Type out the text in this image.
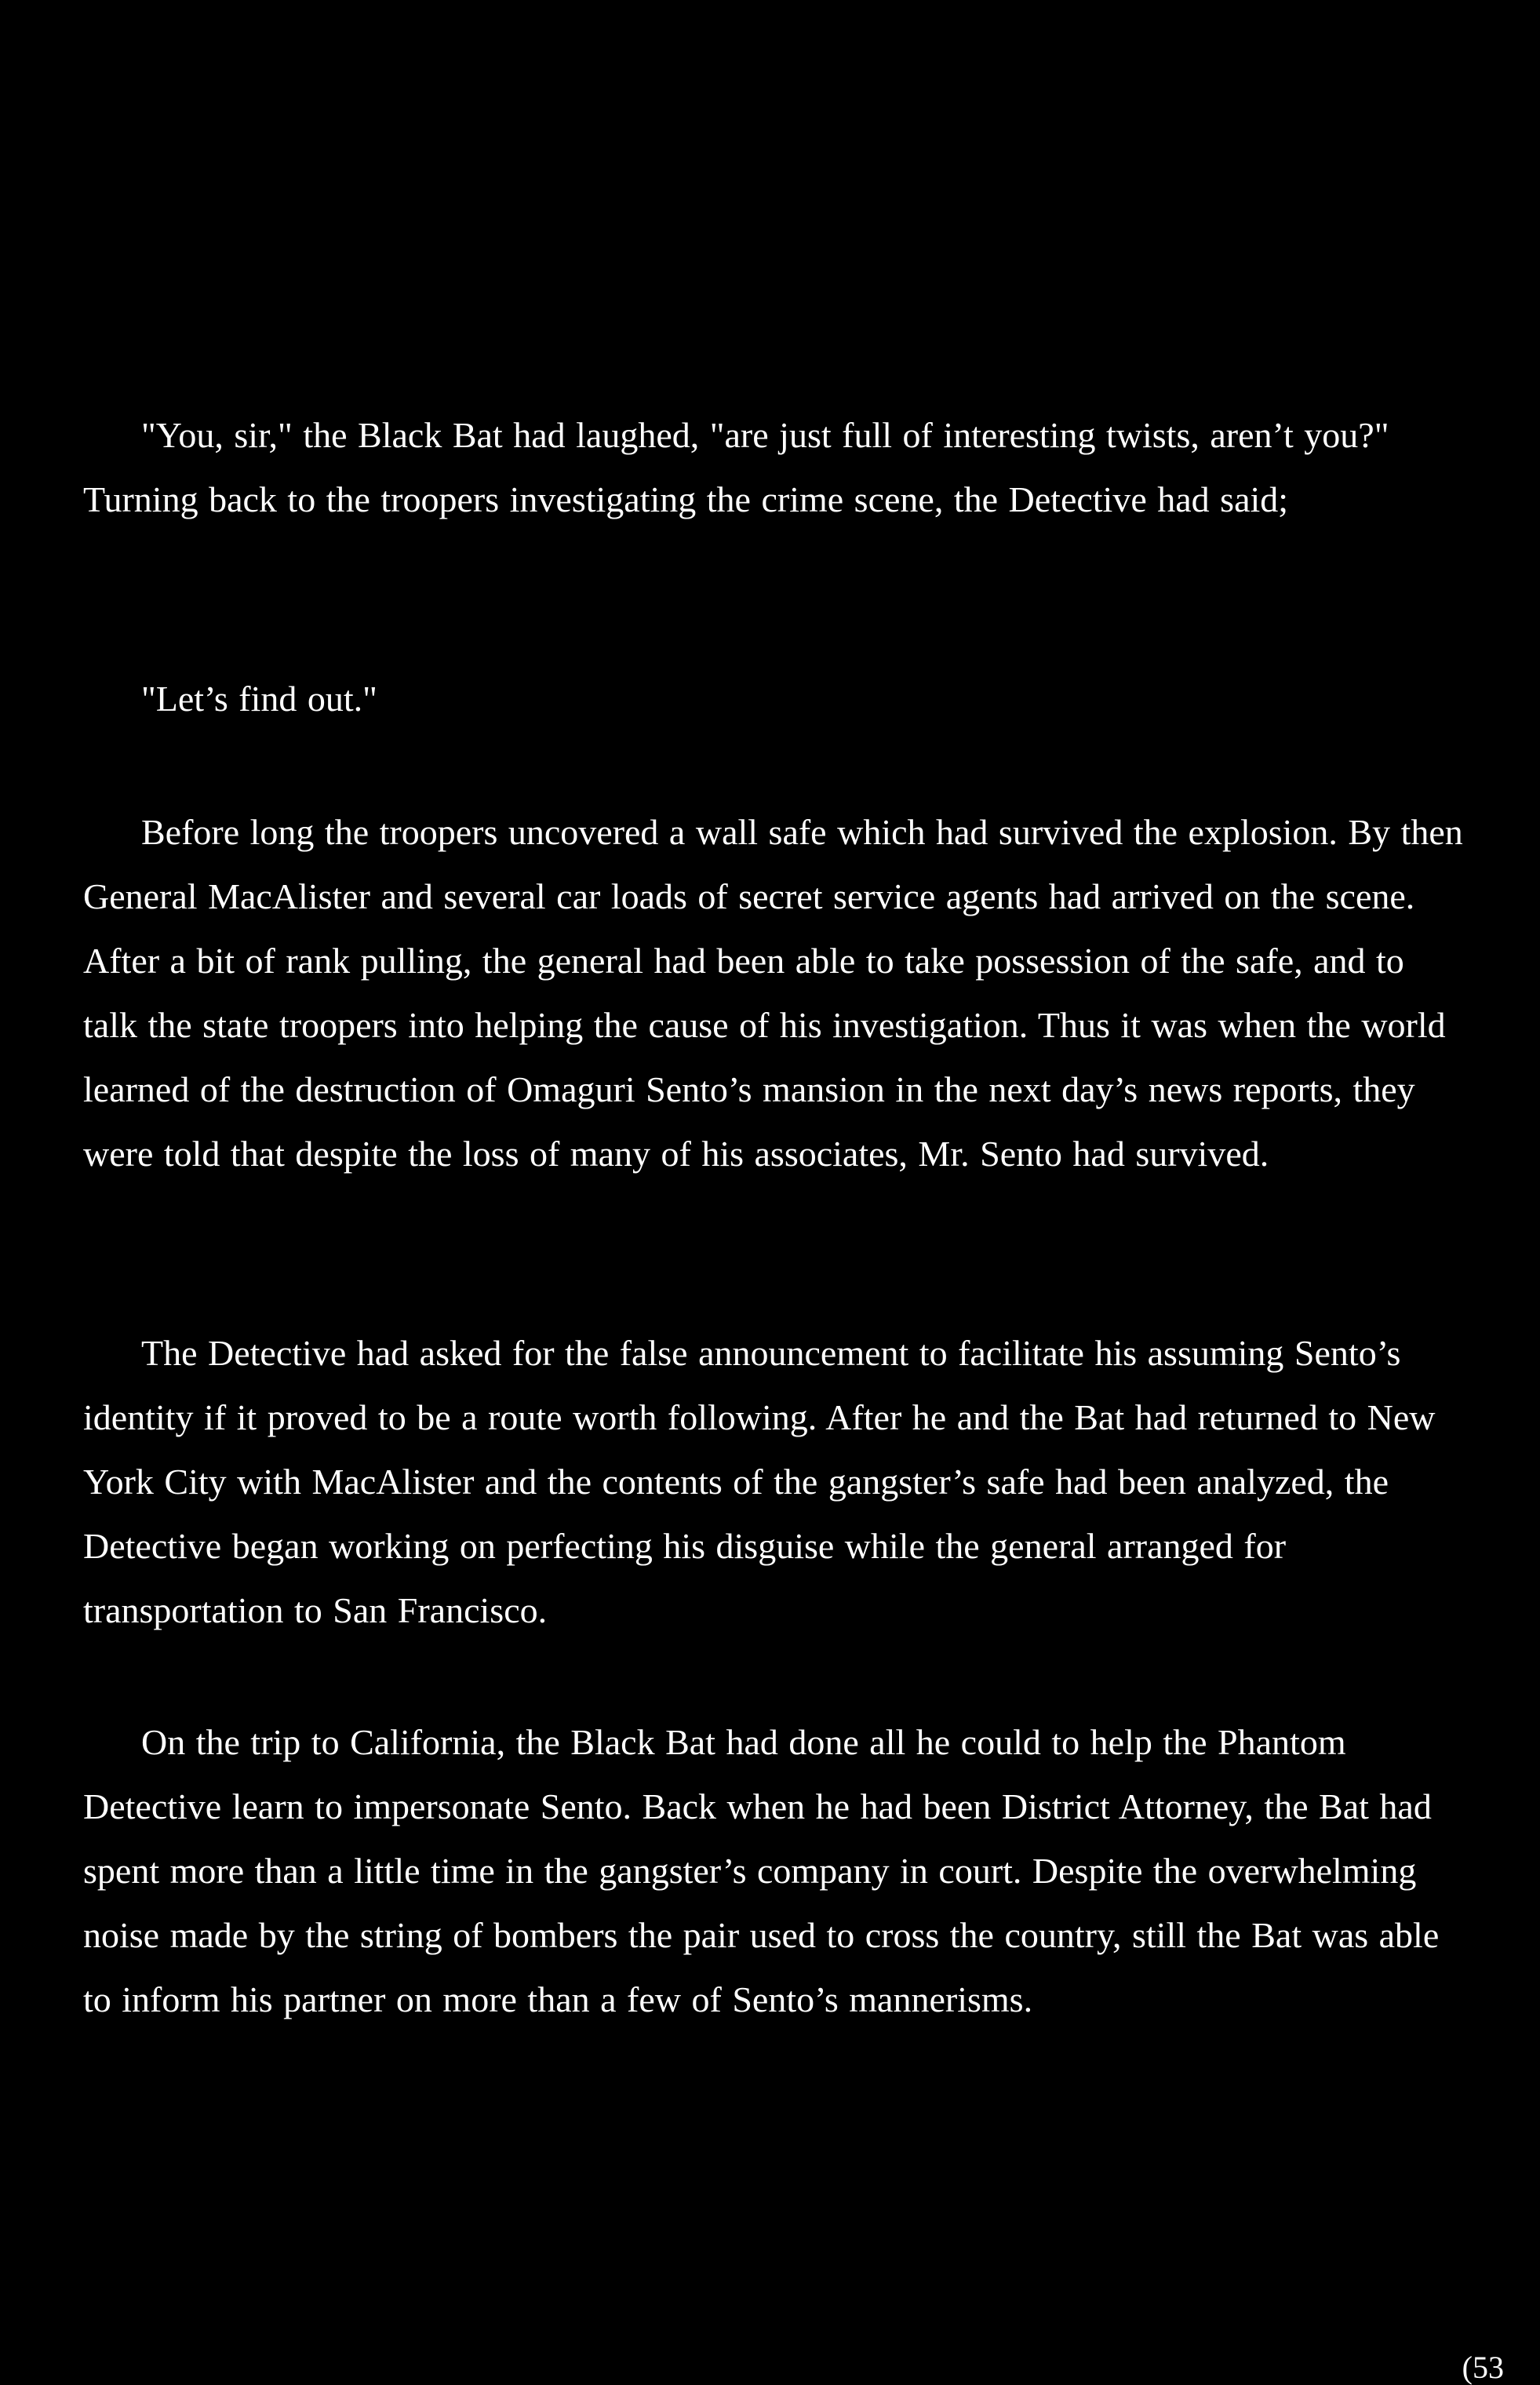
"You, sir," the Black Bat had laughed, "are just full of interesting twists, aren’t you?" Turning back to the troopers investigating the crime scene, the Detective had said;

"Let’s find out."

Before long the troopers uncovered a wall safe which had survived the explosion. By then General MacAlister and several car loads of secret service agents had arrived on the scene. After a bit of rank pulling, the general had been able to take possession of the safe, and to talk the state troopers into helping the cause of his investigation. Thus it was when the world learned of the destruction of Omaguri Sento’s mansion in the next day’s news reports, they were told that despite the loss of many of his associates, Mr. Sento had survived.

The Detective had asked for the false announcement to facilitate his assuming Sento’s identity if it proved to be a route worth following. After he and the Bat had returned to New York City with MacAlister and the contents of the gangster’s safe had been analyzed, the Detective began working on perfecting his disguise while the general arranged for transportation to San Francisco.

On the trip to California, the Black Bat had done all he could to help the Phantom Detective learn to impersonate Sento. Back when he had been District Attorney, the Bat had spent more than a little time in the gangster’s company in court. Despite the overwhelming noise made by the string of bombers the pair used to cross the country, still the Bat was able to inform his partner on more than a few of Sento’s mannerisms.

(53
